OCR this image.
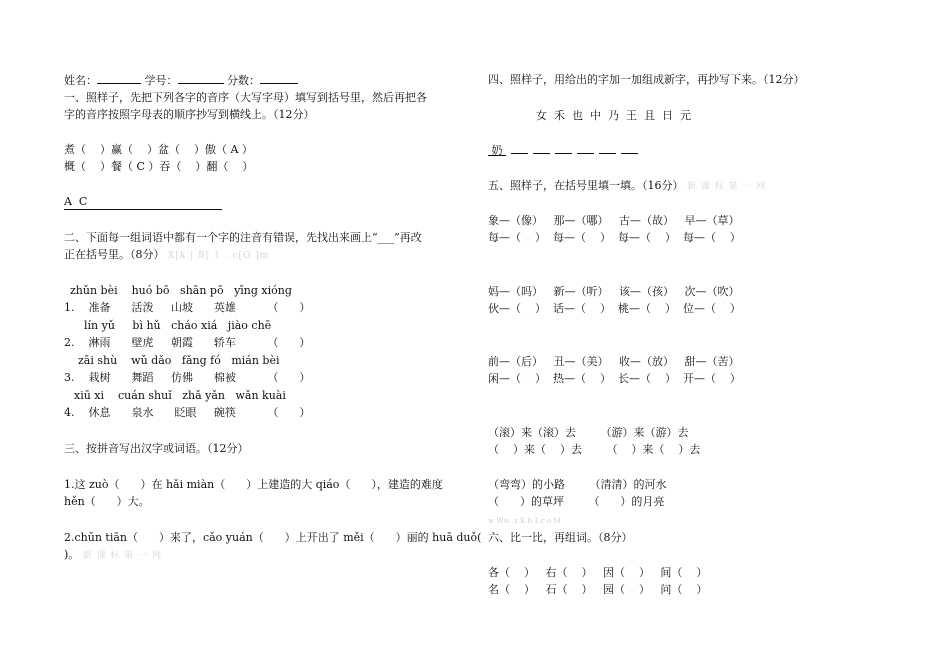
姓名：	学号：	分数：
一、照样子，先把下列各字的音序（大写字母）填写到括号里，然后再把各
字的音序按照字母表的顺序抄写到横线上。（12分）
煮（    ）赢（    ）盆（    ）傲（ A ）
概（    ）餐（ C ）吞（    ）翻（    ）
A  C
二、下面每一组词语中都有一个字的注音有错误，先找出来画上“___”再改
正在括号里。（8分） X[k | B[ 1 . c[O ]m
zhǔn bèi    huó bō   shān pō   yīng xióng
1.    准备      活泼     山坡      英雄         （      ）
lín yǔ     bì hǔ   cháo xiá   jiào chē
2.    淋雨      壁虎     朝霞      轿车         （      ）
zāi shù    wǔ dǎo   fǎng fó   mián bèi
3.    栽树      舞蹈     仿佛      棉被         （      ）
xiū xi    cuán shuǐ   zhǎ yǎn   wǎn kuài
4.    休息      泉水      眨眼     碗筷         （      ）
三、按拼音写出汉字或词语。（12分）
1.这 zuò（      ）在 hǎi miàn（      ）上建造的大 qiáo（      ），建造的难度
hěn（      ）大。
2.chūn tiān（      ）来了，cǎo yuán（      ）上开出了 měi（      ）丽的 huā duǒ(
)。 新 课 标 第 一 网
四、照样子，用给出的字加一加组成新字，再抄写下来。（12分）
女  禾  也  中  乃  王  且  日  元
奶
五、照样子，在括号里填一填。（16分） 新 课 标 第 一 网
象—（像）   那—（哪）   古—（故）   早—（草）
每—（    ）  每—（    ）  每—（    ）  每—（    ）
妈—（吗）   新—（听）   该—（孩）   次—（吹）
伙—（    ）  话—（    ）  桃—（    ）  位—（    ）
前—（后）   丑—（美）   收—（放）   甜—（苦）
闲—（    ）  热—（    ）  长—（    ）  开—（    ）
（滚）来（滚）去       （游）来（游）去
（    ）来（    ）去       （    ）来（    ）去
（弯弯）的小路       （清清）的河水
（      ）的草坪       （      ）的月亮
w Ww .x K b 1.c o M
六、比一比，再组词。（8分）
各（    ）   右（    ）   因（    ）   间（    ）
名（    ）   石（    ）   园（    ）   问（    ）
